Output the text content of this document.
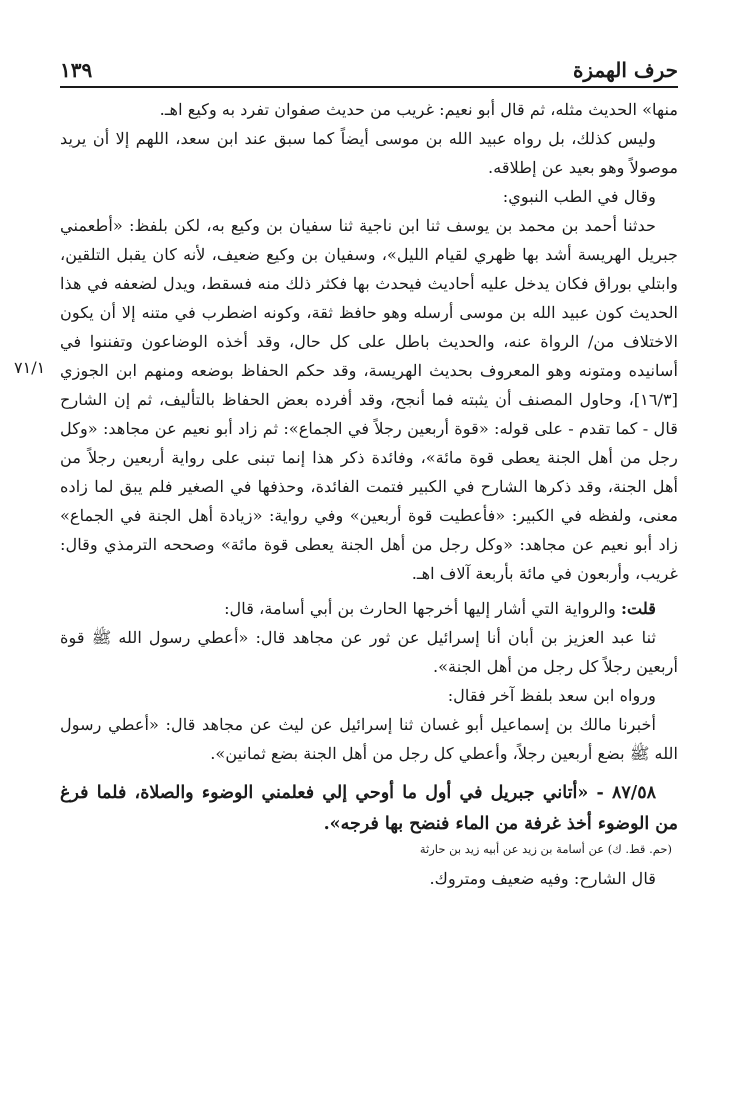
حرف الهمزة
١٣٩
٧١/١

منها» الحديث مثله، ثم قال أبو نعيم: غريب من حديث صفوان تفرد به وكيع اهـ.

وليس كذلك، بل رواه عبيد الله بن موسى أيضاً كما سبق عند ابن سعد، اللهم إلا أن يريد موصولاً وهو بعيد عن إطلاقه.

وقال في الطب النبوي:

حدثنا أحمد بن محمد بن يوسف ثنا ابن ناجية ثنا سفيان بن وكيع به، لكن بلفظ: «أطعمني جبريل الهريسة أشد بها ظهري لقيام الليل»، وسفيان بن وكيع ضعيف، لأنه كان يقبل التلقين، وابتلي بوراق فكان يدخل عليه أحاديث فيحدث بها فكثر ذلك منه فسقط، ويدل لضعفه في هذا الحديث كون عبيد الله بن موسى أرسله وهو حافظ ثقة، وكونه اضطرب في متنه إلا أن يكون الاختلاف من/ الرواة عنه، والحديث باطل على كل حال، وقد أخذه الوضاعون وتفننوا في أسانيده ومتونه وهو المعروف بحديث الهريسة، وقد حكم الحفاظ بوضعه ومنهم ابن الجوزي [١٦/٣]، وحاول المصنف أن يثبته فما أنجح، وقد أفرده بعض الحفاظ بالتأليف، ثم إن الشارح قال - كما تقدم - على قوله: «قوة أربعين رجلاً في الجماع»: ثم زاد أبو نعيم عن مجاهد: «وكل رجل من أهل الجنة يعطى قوة مائة»، وفائدة ذكر هذا إنما تبنى على رواية أربعين رجلاً من أهل الجنة، وقد ذكرها الشارح في الكبير فتمت الفائدة، وحذفها في الصغير فلم يبق لما زاده معنى، ولفظه في الكبير: «فأعطيت قوة أربعين» وفي رواية: «زيادة أهل الجنة في الجماع» زاد أبو نعيم عن مجاهد: «وكل رجل من أهل الجنة يعطى قوة مائة» وصححه الترمذي وقال: غريب، وأربعون في مائة بأربعة آلاف اهـ.

قلت: والرواية التي أشار إليها أخرجها الحارث بن أبي أسامة، قال:

ثنا عبد العزيز بن أبان أنا إسرائيل عن ثور عن مجاهد قال: «أعطي رسول الله ﷺ قوة أربعين رجلاً كل رجل من أهل الجنة».

ورواه ابن سعد بلفظ آخر فقال:

أخبرنا مالك بن إسماعيل أبو غسان ثنا إسرائيل عن ليث عن مجاهد قال: «أعطي رسول الله ﷺ بضع أربعين رجلاً، وأعطي كل رجل من أهل الجنة بضع ثمانين».

٨٧/٥٨ - «أتاني جبريل في أول ما أوحي إلي فعلمني الوضوء والصلاة، فلما فرغ من الوضوء أخذ غرفة من الماء فنضح بها فرجه».

(حم. قط. ك) عن أسامة بن زيد عن أبيه زيد بن حارثة

قال الشارح: وفيه ضعيف ومتروك.
